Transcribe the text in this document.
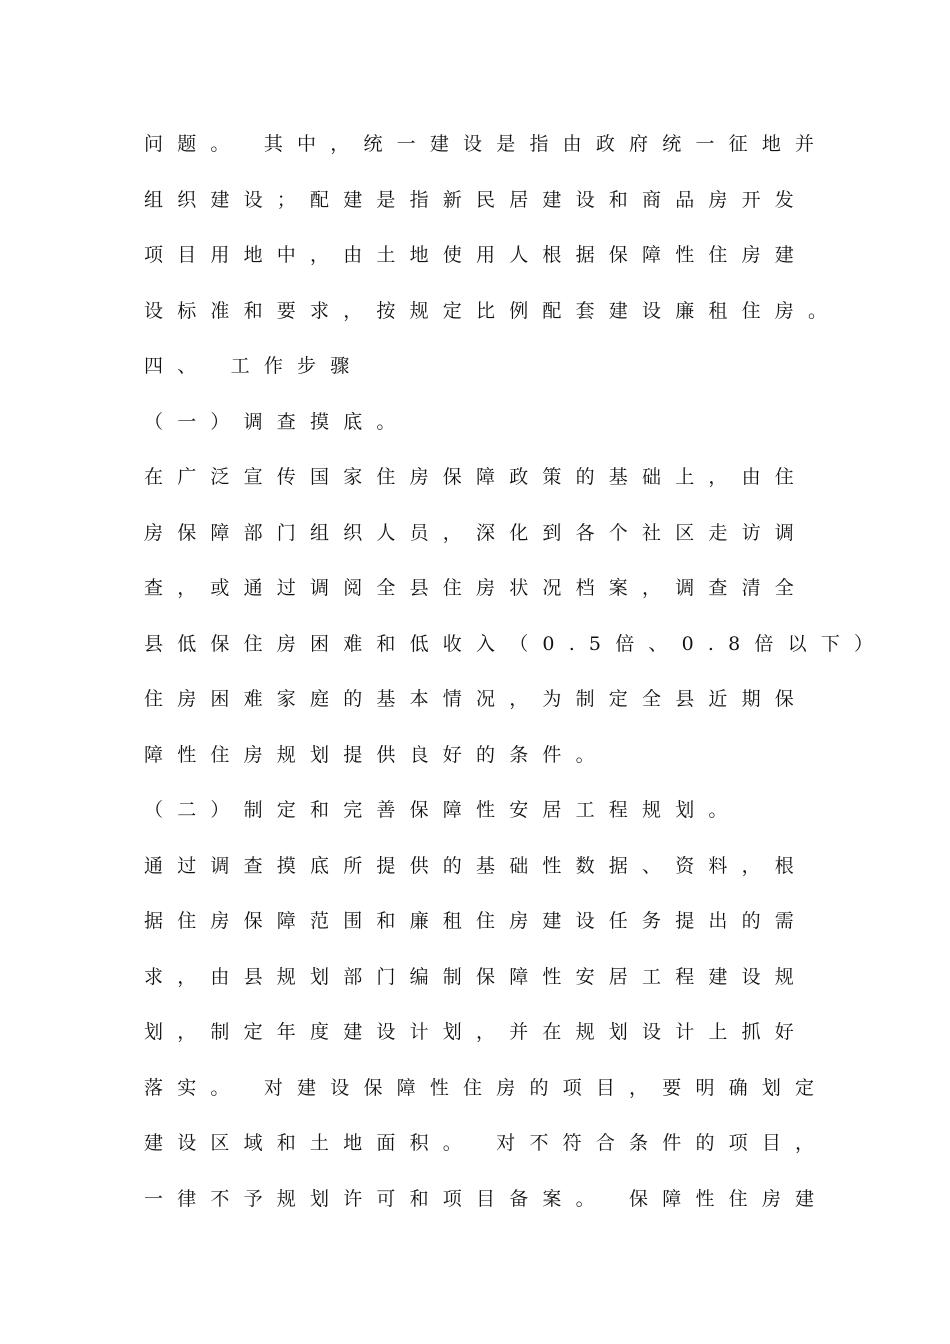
问题。 其中，统一建设是指由政府统一征地并
组织建设；配建是指新民居建设和商品房开发
项目用地中，由土地使用人根据保障性住房建
设标准和要求，按规定比例配套建设廉租住房。
四、 工作步骤
（一）调查摸底。
在广泛宣传国家住房保障政策的基础上，由住
房保障部门组织人员，深化到各个社区走访调
查，或通过调阅全县住房状况档案，调查清全
县低保住房困难和低收入（0.5倍、0.8倍以下）
住房困难家庭的基本情况，为制定全县近期保
障性住房规划提供良好的条件。
（二）制定和完善保障性安居工程规划。
通过调查摸底所提供的基础性数据、资料，根
据住房保障范围和廉租住房建设任务提出的需
求，由县规划部门编制保障性安居工程建设规
划，制定年度建设计划，并在规划设计上抓好
落实。 对建设保障性住房的项目，要明确划定
建设区域和土地面积。 对不符合条件的项目，
一律不予规划许可和项目备案。 保障性住房建
